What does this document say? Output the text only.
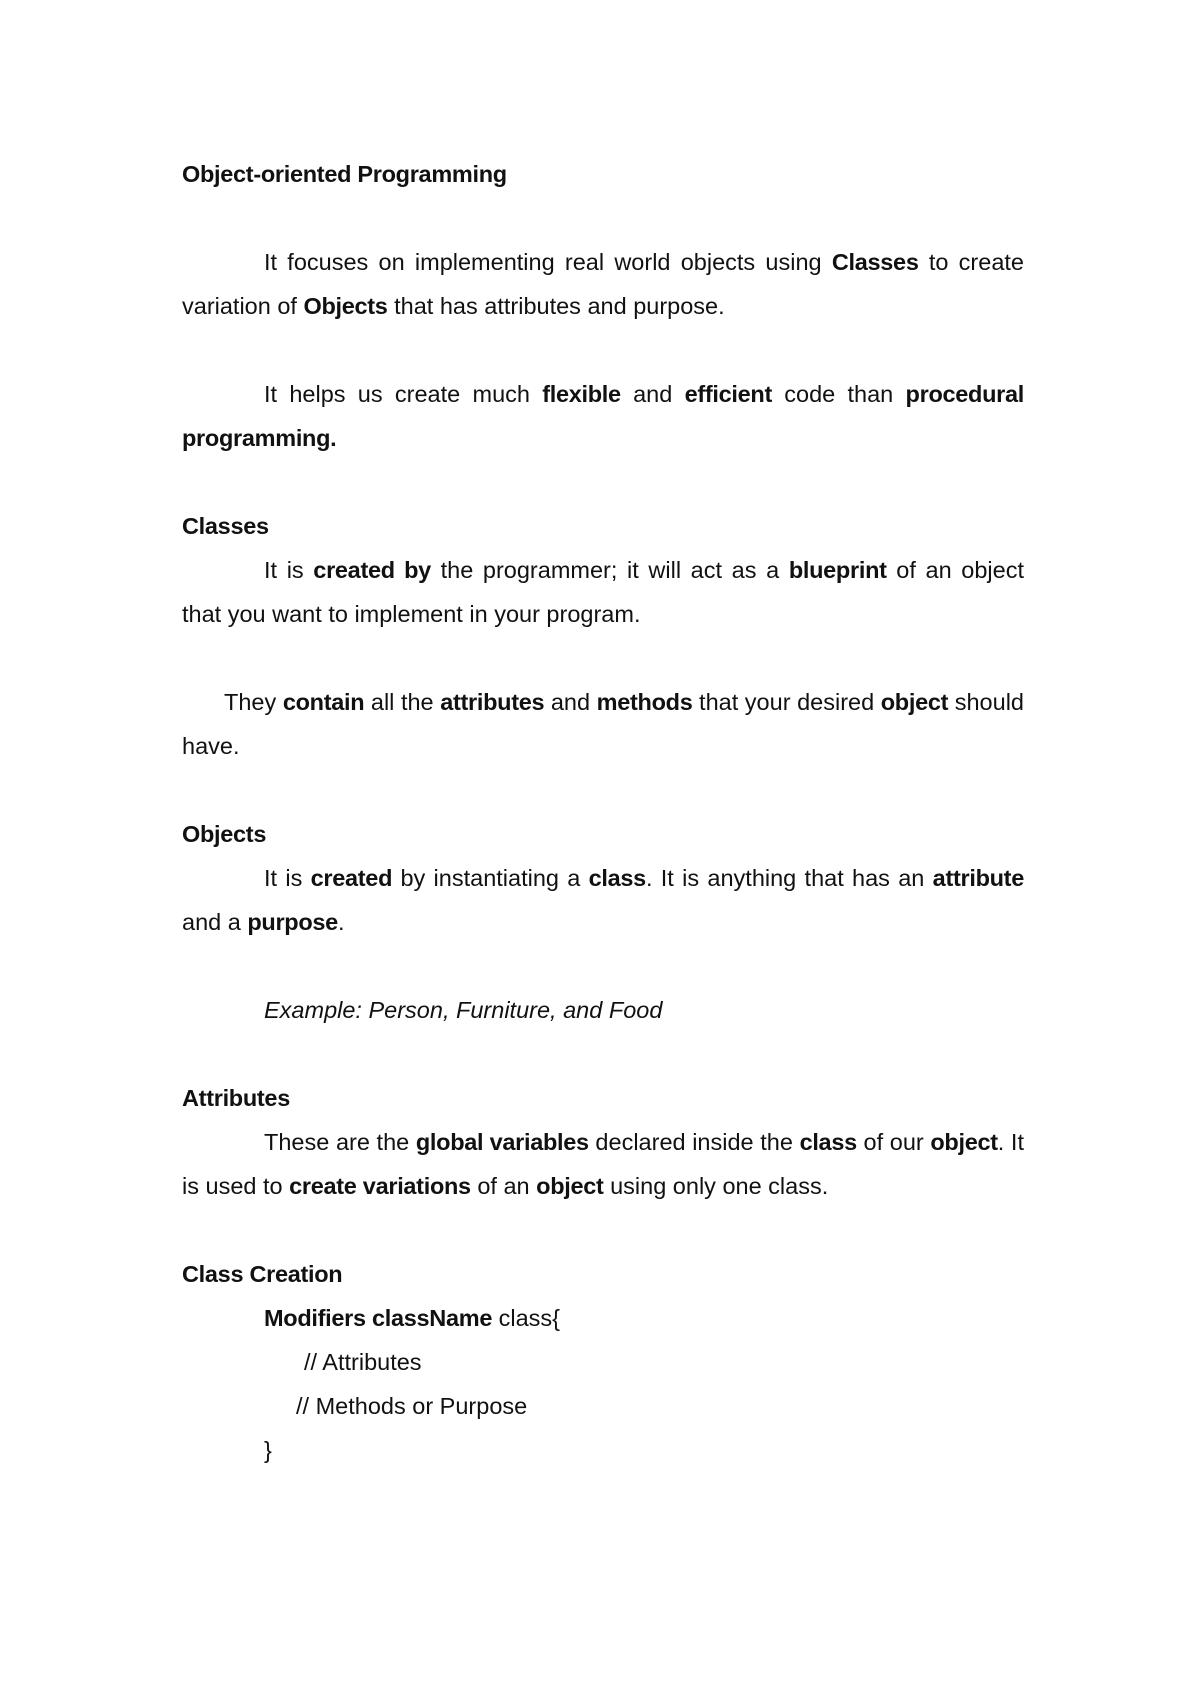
Object-oriented Programming

It focuses on implementing real world objects using Classes to create variation of Objects that has attributes and purpose.

It helps us create much flexible and efficient code than procedural programming.

Classes

It is created by the programmer; it will act as a blueprint of an object that you want to implement in your program.

They contain all the attributes and methods that your desired object should have.

Objects

It is created by instantiating a class. It is anything that has an attribute and a purpose.

Example: Person, Furniture, and Food

Attributes

These are the global variables declared inside the class of our object. It is used to create variations of an object using only one class.

Class Creation

Modifiers className class{

// Attributes

// Methods or Purpose

}
